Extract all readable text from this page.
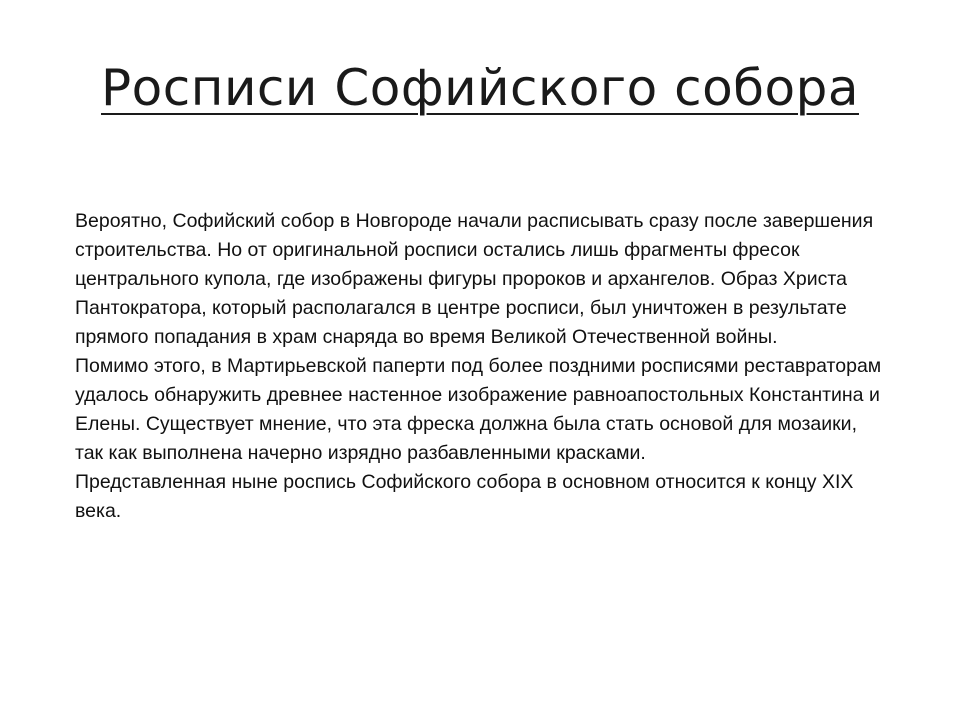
Росписи Софийского собора

Вероятно, Софийский собор в Новгороде начали расписывать сразу после завершения строительства. Но от оригинальной росписи остались лишь фрагменты фресок центрального купола, где изображены фигуры пророков и архангелов. Образ Христа Пантократора, который располагался в центре росписи, был уничтожен в результате прямого попадания в храм снаряда во время Великой Отечественной войны.

Помимо этого, в Мартирьевской паперти под более поздними росписями реставраторам удалось обнаружить древнее настенное изображение равноапостольных Константина и Елены. Существует мнение, что эта фреска должна была стать основой для мозаики, так как выполнена начерно изрядно разбавленными красками.

Представленная ныне роспись Софийского собора в основном относится к концу XIX века.
